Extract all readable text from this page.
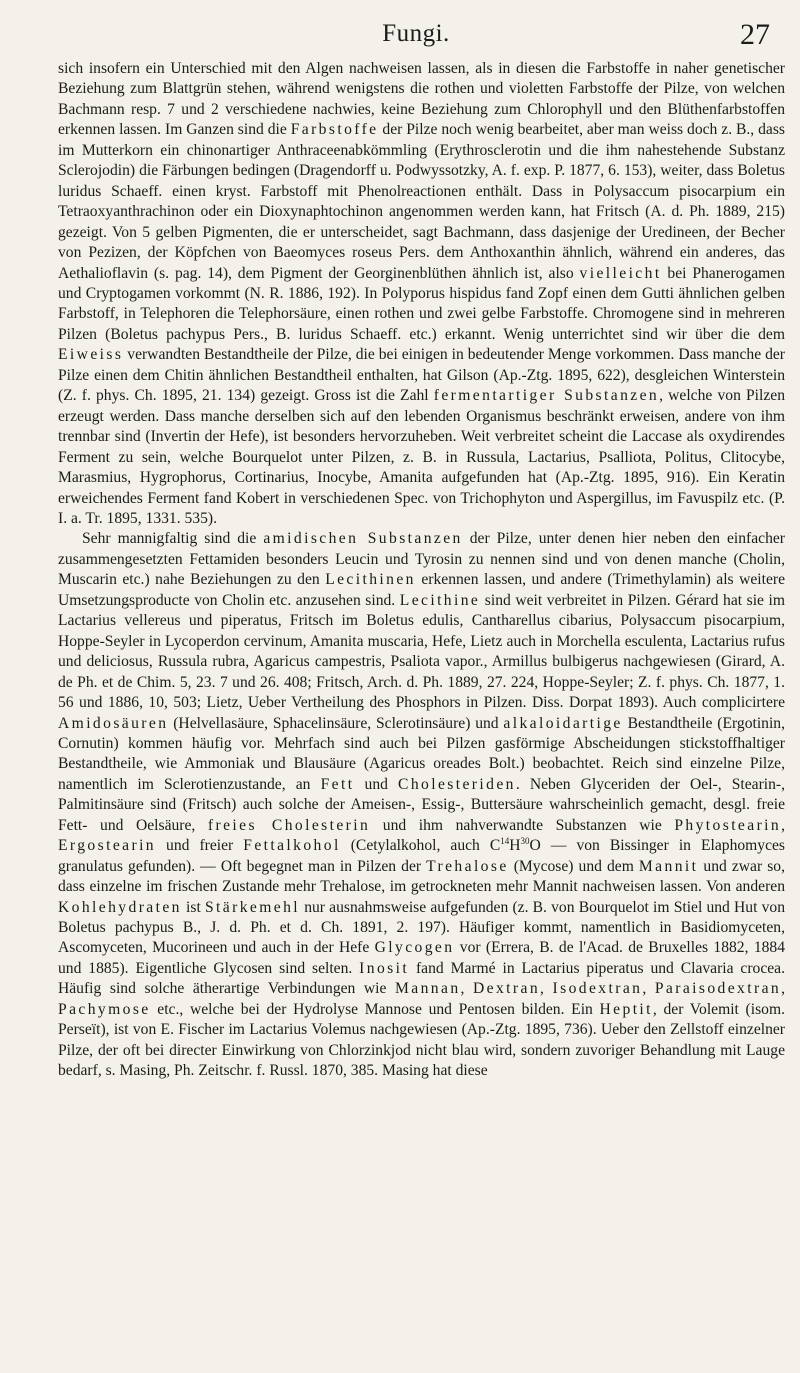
Fungi.	27

sich insofern ein Unterschied mit den Algen nachweisen lassen, als in diesen die Farbstoffe in naher genetischer Beziehung zum Blattgrün stehen, während wenigstens die rothen und violetten Farbstoffe der Pilze, von welchen Bachmann resp. 7 und 2 verschiedene nachwies, keine Beziehung zum Chlorophyll und den Blüthenfarbstoffen erkennen lassen. Im Ganzen sind die Farbstoffe der Pilze noch wenig bearbeitet, aber man weiss doch z. B., dass im Mutterkorn ein chinonartiger Anthraceenabkömmling (Erythrosclerotin und die ihm nahestehende Substanz Sclerojodin) die Färbungen bedingen (Dragendorff u. Podwyssotzky, A. f. exp. P. 1877, 6. 153), weiter, dass Boletus luridus Schaeff. einen kryst. Farbstoff mit Phenolreactionen enthält. Dass in Polysaccum pisocarpium ein Tetraoxyanthrachinon oder ein Dioxynaphtochinon angenommen werden kann, hat Fritsch (A. d. Ph. 1889, 215) gezeigt. Von 5 gelben Pigmenten, die er unterscheidet, sagt Bachmann, dass dasjenige der Uredineen, der Becher von Pezizen, der Köpfchen von Baeomyces roseus Pers. dem Anthoxanthin ähnlich, während ein anderes, das Aethalioflavin (s. pag. 14), dem Pigment der Georginenblüthen ähnlich ist, also vielleicht bei Phanerogamen und Cryptogamen vorkommt (N. R. 1886, 192). In Polyporus hispidus fand Zopf einen dem Gutti ähnlichen gelben Farbstoff, in Telephoren die Telephorsäure, einen rothen und zwei gelbe Farbstoffe. Chromogene sind in mehreren Pilzen (Boletus pachypus Pers., B. luridus Schaeff. etc.) erkannt. Wenig unterrichtet sind wir über die dem Eiweiss verwandten Bestandtheile der Pilze, die bei einigen in bedeutender Menge vorkommen. Dass manche der Pilze einen dem Chitin ähnlichen Bestandtheil enthalten, hat Gilson (Ap.-Ztg. 1895, 622), desgleichen Winterstein (Z. f. phys. Ch. 1895, 21. 134) gezeigt. Gross ist die Zahl fermentartiger Substanzen, welche von Pilzen erzeugt werden. Dass manche derselben sich auf den lebenden Organismus beschränkt erweisen, andere von ihm trennbar sind (Invertin der Hefe), ist besonders hervorzuheben. Weit verbreitet scheint die Laccase als oxydirendes Ferment zu sein, welche Bourquelot unter Pilzen, z. B. in Russula, Lactarius, Psalliota, Politus, Clitocybe, Marasmius, Hygrophorus, Cortinarius, Inocybe, Amanita aufgefunden hat (Ap.-Ztg. 1895, 916). Ein Keratin erweichendes Ferment fand Kobert in verschiedenen Spec. von Trichophyton und Aspergillus, im Favuspilz etc. (P. I. a. Tr. 1895, 1331. 535).

Sehr mannigfaltig sind die amidischen Substanzen der Pilze, unter denen hier neben den einfacher zusammengesetzten Fettamiden besonders Leucin und Tyrosin zu nennen sind und von denen manche (Cholin, Muscarin etc.) nahe Beziehungen zu den Lecithinen erkennen lassen, und andere (Trimethylamin) als weitere Umsetzungsproducte von Cholin etc. anzusehen sind. Lecithine sind weit verbreitet in Pilzen. Gérard hat sie im Lactarius vellereus und piperatus, Fritsch im Boletus edulis, Cantharellus cibarius, Polysaccum pisocarpium, Hoppe-Seyler in Lycoperdon cervinum, Amanita muscaria, Hefe, Lietz auch in Morchella esculenta, Lactarius rufus und deliciosus, Russula rubra, Agaricus campestris, Psaliota vapor., Armillus bulbigerus nachgewiesen (Girard, A. de Ph. et de Chim. 5, 23. 7 und 26. 408; Fritsch, Arch. d. Ph. 1889, 27. 224, Hoppe-Seyler; Z. f. phys. Ch. 1877, 1. 56 und 1886, 10, 503; Lietz, Ueber Vertheilung des Phosphors in Pilzen. Diss. Dorpat 1893). Auch complicirtere Amidosäuren (Helvellasäure, Sphacelinsäure, Sclerotinsäure) und alkaloidartige Bestandtheile (Ergotinin, Cornutin) kommen häufig vor. Mehrfach sind auch bei Pilzen gasförmige Abscheidungen stickstoffhaltiger Bestandtheile, wie Ammoniak und Blausäure (Agaricus oreades Bolt.) beobachtet. Reich sind einzelne Pilze, namentlich im Sclerotienzustande, an Fett und Cholesteriden. Neben Glyceriden der Oel-, Stearin-, Palmitinsäure sind (Fritsch) auch solche der Ameisen-, Essig-, Buttersäure wahrscheinlich gemacht, desgl. freie Fett- und Oelsäure, freies Cholesterin und ihm nahverwandte Substanzen wie Phytostearin, Ergostearin und freier Fettalkohol (Cetylalkohol, auch $C^{14}H^{30}O$ — von Bissinger in Elaphomyces granulatus gefunden). — Oft begegnet man in Pilzen der Trehalose (Mycose) und dem Mannit und zwar so, dass einzelne im frischen Zustande mehr Trehalose, im getrockneten mehr Mannit nachweisen lassen. Von anderen Kohlehydraten ist Stärkemehl nur ausnahmsweise aufgefunden (z. B. von Bourquelot im Stiel und Hut von Boletus pachypus B., J. d. Ph. et d. Ch. 1891, 2. 197). Häufiger kommt, namentlich in Basidiomyceten, Ascomyceten, Mucorineen und auch in der Hefe Glycogen vor (Errera, B. de l'Acad. de Bruxelles 1882, 1884 und 1885). Eigentliche Glycosen sind selten. Inosit fand Marmé in Lactarius piperatus und Clavaria crocea. Häufig sind solche ätherartige Verbindungen wie Mannan, Dextran, Isodextran, Paraisodextran, Pachymose etc., welche bei der Hydrolyse Mannose und Pentosen bilden. Ein Heptit, der Volemit (isom. Perseït), ist von E. Fischer im Lactarius Volemus nachgewiesen (Ap.-Ztg. 1895, 736). Ueber den Zellstoff einzelner Pilze, der oft bei directer Einwirkung von Chlorzinkjod nicht blau wird, sondern zuvoriger Behandlung mit Lauge bedarf, s. Masing, Ph. Zeitschr. f. Russl. 1870, 385. Masing hat diese
